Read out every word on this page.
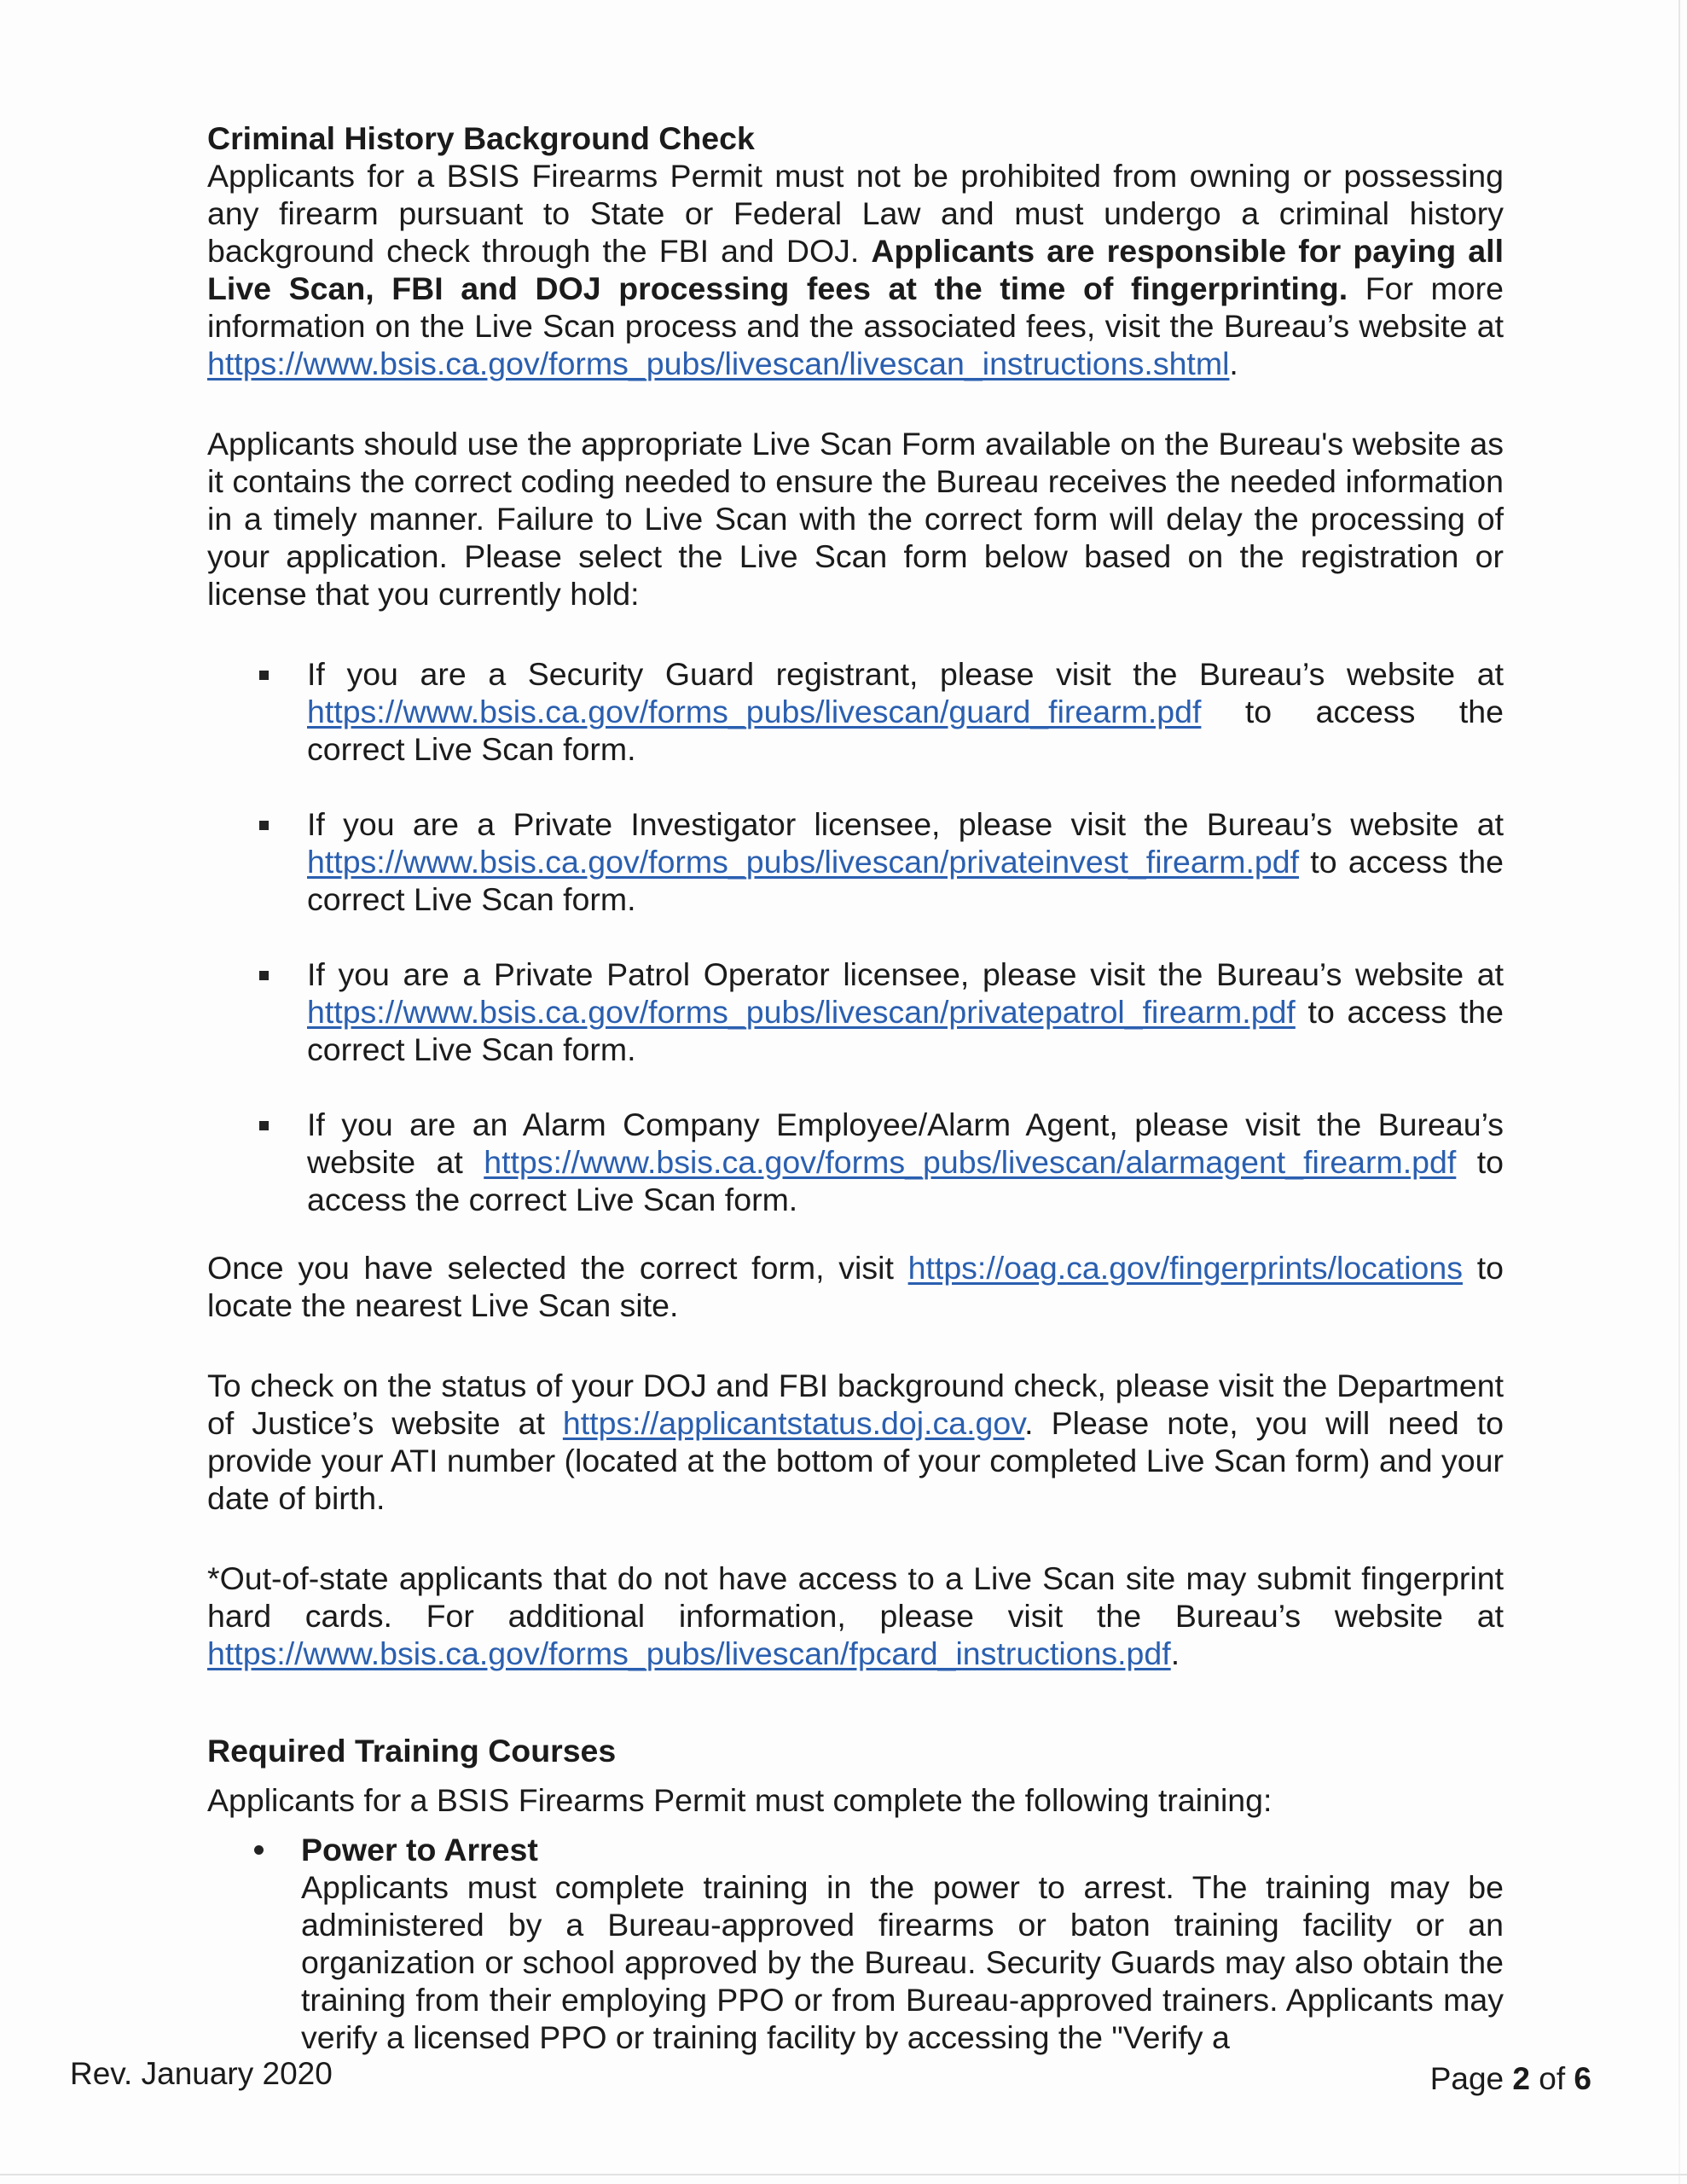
Criminal History Background Check

Applicants for a BSIS Firearms Permit must not be prohibited from owning or possessing any firearm pursuant to State or Federal Law and must undergo a criminal history background check through the FBI and DOJ. Applicants are responsible for paying all Live Scan, FBI and DOJ processing fees at the time of fingerprinting. For more information on the Live Scan process and the associated fees, visit the Bureau’s website at https://www.bsis.ca.gov/forms_pubs/livescan/livescan_instructions.shtml.

Applicants should use the appropriate Live Scan Form available on the Bureau's website as it contains the correct coding needed to ensure the Bureau receives the needed information in a timely manner. Failure to Live Scan with the correct form will delay the processing of your application. Please select the Live Scan form below based on the registration or license that you currently hold:

If you are a Security Guard registrant, please visit the Bureau’s website at https://www.bsis.ca.gov/forms_pubs/livescan/guard_firearm.pdf to access the correct Live Scan form.
If you are a Private Investigator licensee, please visit the Bureau’s website at https://www.bsis.ca.gov/forms_pubs/livescan/privateinvest_firearm.pdf to access the correct Live Scan form.
If you are a Private Patrol Operator licensee, please visit the Bureau’s website at https://www.bsis.ca.gov/forms_pubs/livescan/privatepatrol_firearm.pdf to access the correct Live Scan form.
If you are an Alarm Company Employee/Alarm Agent, please visit the Bureau’s website at https://www.bsis.ca.gov/forms_pubs/livescan/alarmagent_firearm.pdf to access the correct Live Scan form.

Once you have selected the correct form, visit https://oag.ca.gov/fingerprints/locations to locate the nearest Live Scan site.

To check on the status of your DOJ and FBI background check, please visit the Department of Justice’s website at https://applicantstatus.doj.ca.gov. Please note, you will need to provide your ATI number (located at the bottom of your completed Live Scan form) and your date of birth.

*Out-of-state applicants that do not have access to a Live Scan site may submit fingerprint hard cards. For additional information, please visit the Bureau’s website at https://www.bsis.ca.gov/forms_pubs/livescan/fpcard_instructions.pdf.

Required Training Courses

Applicants for a BSIS Firearms Permit must complete the following training:

Power to Arrest
Applicants must complete training in the power to arrest. The training may be administered by a Bureau-approved firearms or baton training facility or an organization or school approved by the Bureau. Security Guards may also obtain the training from their employing PPO or from Bureau-approved trainers. Applicants may verify a licensed PPO or training facility by accessing the "Verify a
Rev. January 2020	Page 2 of 6
